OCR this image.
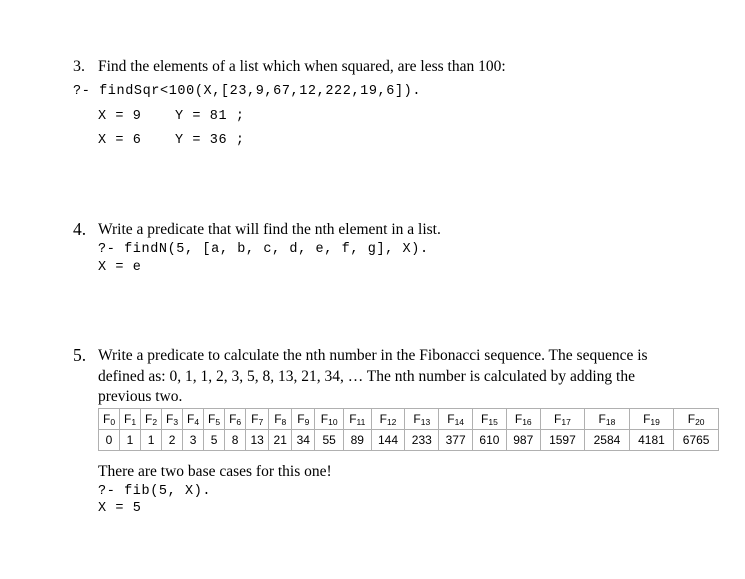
3. Find the elements of a list which when squared, are less than 100:
?- findSqr<100(X,[23,9,67,12,222,19,6]).
X = 9 Y = 81 ;
X = 6 Y = 36 ;
4. Write a predicate that will find the nth element in a list.
?- findN(5, [a, b, c, d, e, f, g], X).
X = e
5. Write a predicate to calculate the nth number in the Fibonacci sequence. The sequence is
defined as: 0, 1, 1, 2, 3, 5, 8, 13, 21, 34, … The nth number is calculated by adding the
previous two.
$F_0$	$F_1$	$F_2$	$F_3$	$F_4$	$F_5$	$F_6$	$F_7$	$F_8$	$F_9$	$F_{10}$	$F_{11}$	$F_{12}$	$F_{13}$	$F_{14}$	$F_{15}$	$F_{16}$	$F_{17}$	$F_{18}$	$F_{19}$	$F_{20}$
0	1	1	2	3	5	8	13	21	34	55	89	144	233	377	610	987	1597	2584	4181	6765
There are two base cases for this one!
?- fib(5, X).
X = 5
